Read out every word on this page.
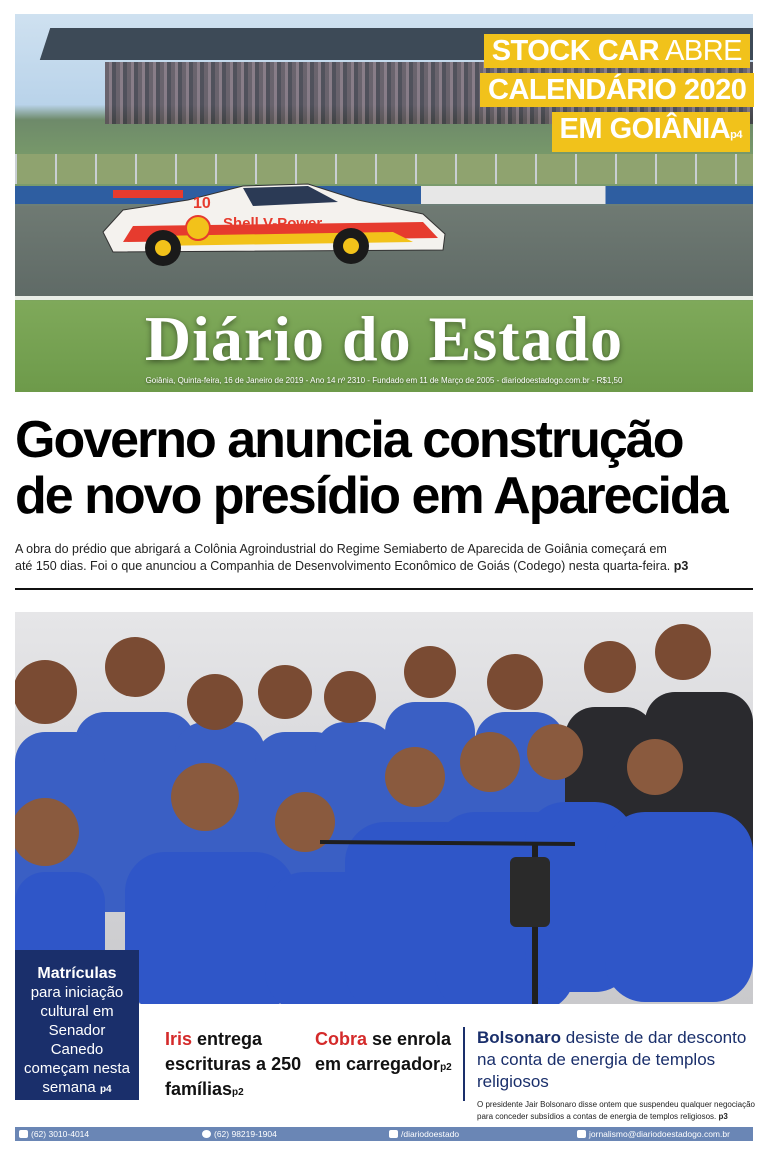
Shell V-Power
10
Diário do Estado
Goiânia, Quinta-feira, 16 de Janeiro de 2019 - Ano 14 nº 2310 - Fundado em 11 de Março de 2005 - diariodoestadogo.com.br - R$1,50
STOCK CAR ABRE
CALENDÁRIO 2020
EM GOIÂNIAp4
Governo anuncia construção
de novo presídio em Aparecida

A obra do prédio que abrigará a Colônia Agroindustrial do Regime Semiaberto de Aparecida de Goiânia começará em
até 150 dias. Foi o que anunciou a Companhia de Desenvolvimento Econômico de Goiás (Codego) nesta quarta-feira. p3

Matrículas
para iniciação
cultural em
Senador Canedo
começam nesta
semana p4
Iris entrega escrituras a 250 famíliasp2
Cobra se enrola em carregadorp2
Bolsonaro desiste de dar desconto na conta de energia de templos religiosos
O presidente Jair Bolsonaro disse ontem que suspendeu qualquer negociação para conceder subsídios a contas de energia de templos religiosos. p3
(62) 3010-4014	(62) 98219-1904	/diariodoestado	jornalismo@diariodoestadogo.com.br
